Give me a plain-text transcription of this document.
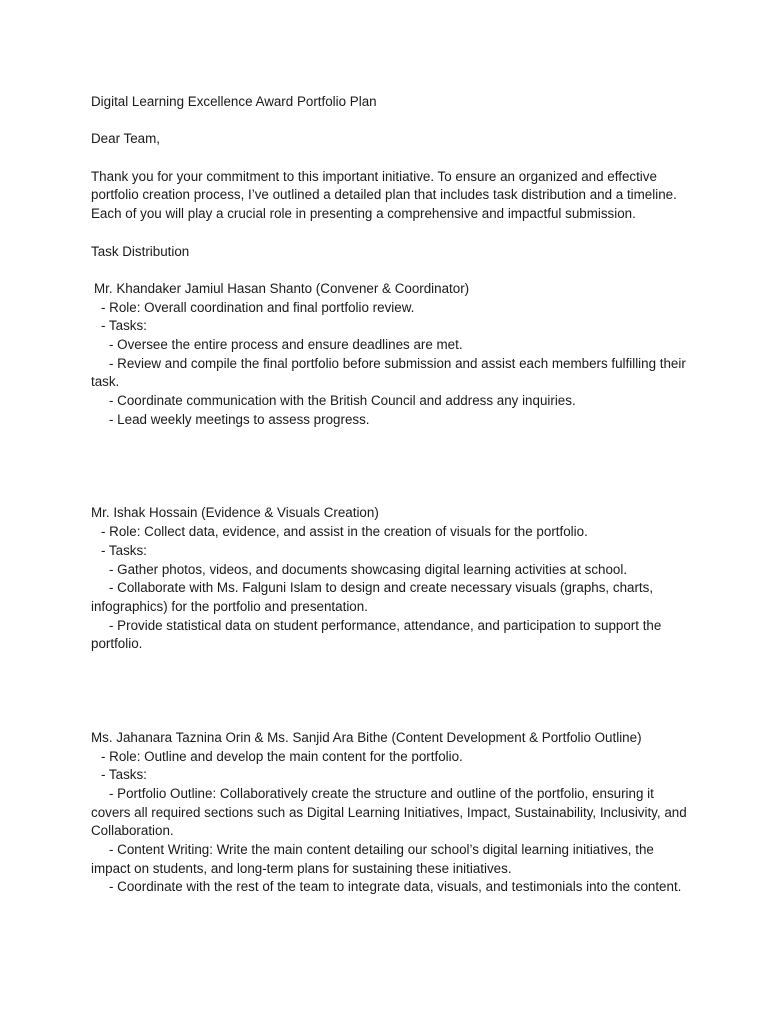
Digital Learning Excellence Award Portfolio Plan

Dear Team,

Thank you for your commitment to this important initiative. To ensure an organized and effective portfolio creation process, I’ve outlined a detailed plan that includes task distribution and a timeline. Each of you will play a crucial role in presenting a comprehensive and impactful submission.

Task Distribution

Mr. Khandaker Jamiul Hasan Shanto (Convener & Coordinator)

- Role: Overall coordination and final portfolio review.

- Tasks:

- Oversee the entire process and ensure deadlines are met.

- Review and compile the final portfolio before submission and assist each members fulfilling their task.

- Coordinate communication with the British Council and address any inquiries.

- Lead weekly meetings to assess progress.

Mr. Ishak Hossain (Evidence & Visuals Creation)

- Role: Collect data, evidence, and assist in the creation of visuals for the portfolio.

- Tasks:

- Gather photos, videos, and documents showcasing digital learning activities at school.

- Collaborate with Ms. Falguni Islam to design and create necessary visuals (graphs, charts, infographics) for the portfolio and presentation.

- Provide statistical data on student performance, attendance, and participation to support the portfolio.

Ms. Jahanara Taznina Orin & Ms. Sanjid Ara Bithe (Content Development & Portfolio Outline)

- Role: Outline and develop the main content for the portfolio.

- Tasks:

- Portfolio Outline: Collaboratively create the structure and outline of the portfolio, ensuring it covers all required sections such as Digital Learning Initiatives, Impact, Sustainability, Inclusivity, and Collaboration.

- Content Writing: Write the main content detailing our school’s digital learning initiatives, the impact on students, and long-term plans for sustaining these initiatives.

- Coordinate with the rest of the team to integrate data, visuals, and testimonials into the content.
